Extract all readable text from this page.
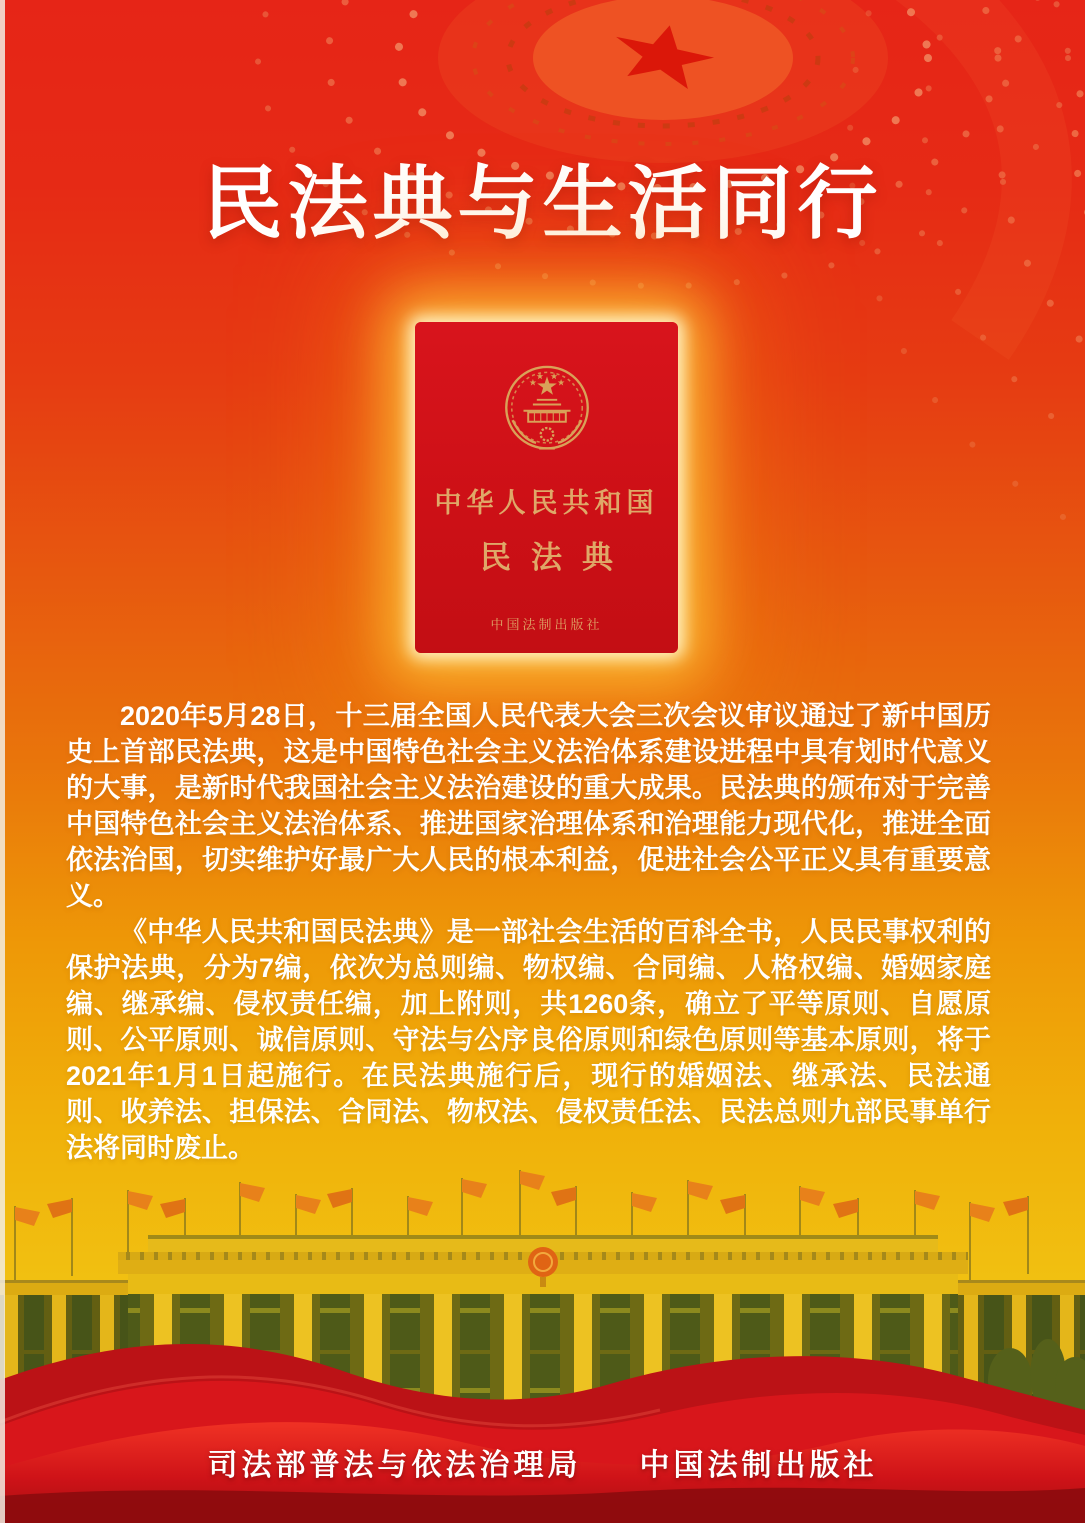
民法典与生活同行
中华人民共和国
民法典
中国法制出版社

2020年5月28日，十三届全国人民代表大会三次会议审议通过了新中国历史上首部民法典，这是中国特色社会主义法治体系建设进程中具有划时代意义的大事，是新时代我国社会主义法治建设的重大成果。民法典的颁布对于完善中国特色社会主义法治体系、推进国家治理体系和治理能力现代化，推进全面依法治国，切实维护好最广大人民的根本利益，促进社会公平正义具有重要意义。

《中华人民共和国民法典》是一部社会生活的百科全书，人民民事权利的保护法典，分为7编，依次为总则编、物权编、合同编、人格权编、婚姻家庭编、继承编、侵权责任编，加上附则，共1260条，确立了平等原则、自愿原则、公平原则、诚信原则、守法与公序良俗原则和绿色原则等基本原则，将于2021年1月1日起施行。在民法典施行后，现行的婚姻法、继承法、民法通则、收养法、担保法、合同法、物权法、侵权责任法、民法总则九部民事单行法将同时废止。

司法部普法与依法治理局 中国法制出版社
